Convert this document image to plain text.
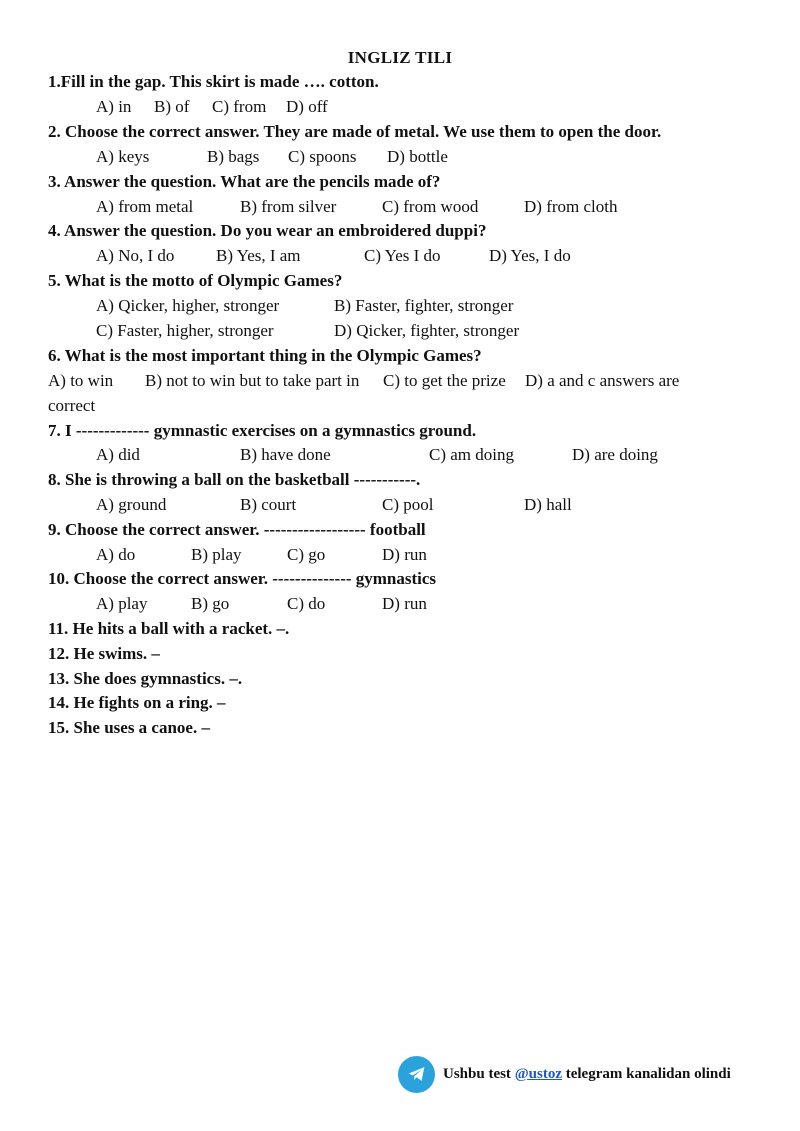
INGLIZ TILI
1.Fill in the gap. This skirt is made …. cotton.
A) in B) of C) from D) off
2. Choose the correct answer. They are made of metal. We use them to open the door.
A) keys	B) bags C) spoons D) bottle
3. Answer the question. What are the pencils made of?
A) from metal	B) from silver	C) from wood	D) from cloth
4. Answer the question. Do you wear an embroidered duppi?
A) No, I do B) Yes, I am	C) Yes I do	D) Yes, I do
5. What is the motto of Olympic Games?
A) Qicker, higher, stronger	B) Faster, fighter, stronger
C) Faster, higher, stronger	D) Qicker, fighter, stronger
6. What is the most important thing in the Olympic Games?
A) to win B) not to win but to take part in C) to get the prize D) a and c answers are
correct
7. I ------------- gymnastic exercises on a gymnastics ground.
A) did	B) have done	C) am doing	D) are doing
8. She is throwing a ball on the basketball -----------.
A) ground	B) court	C) pool	D) hall
9. Choose the correct answer. ------------------ football
A) do	B) play	C) go	D) run
10. Choose the correct answer. -------------- gymnastics
A) play	B) go	C) do	D) run
11. He hits a ball with a racket. –.
12. He swims. –
13. She does gymnastics. –.
14. He fights on a ring. –
15. She uses a canoe. –
Ushbu test @ustoz telegram kanalidan olindi
